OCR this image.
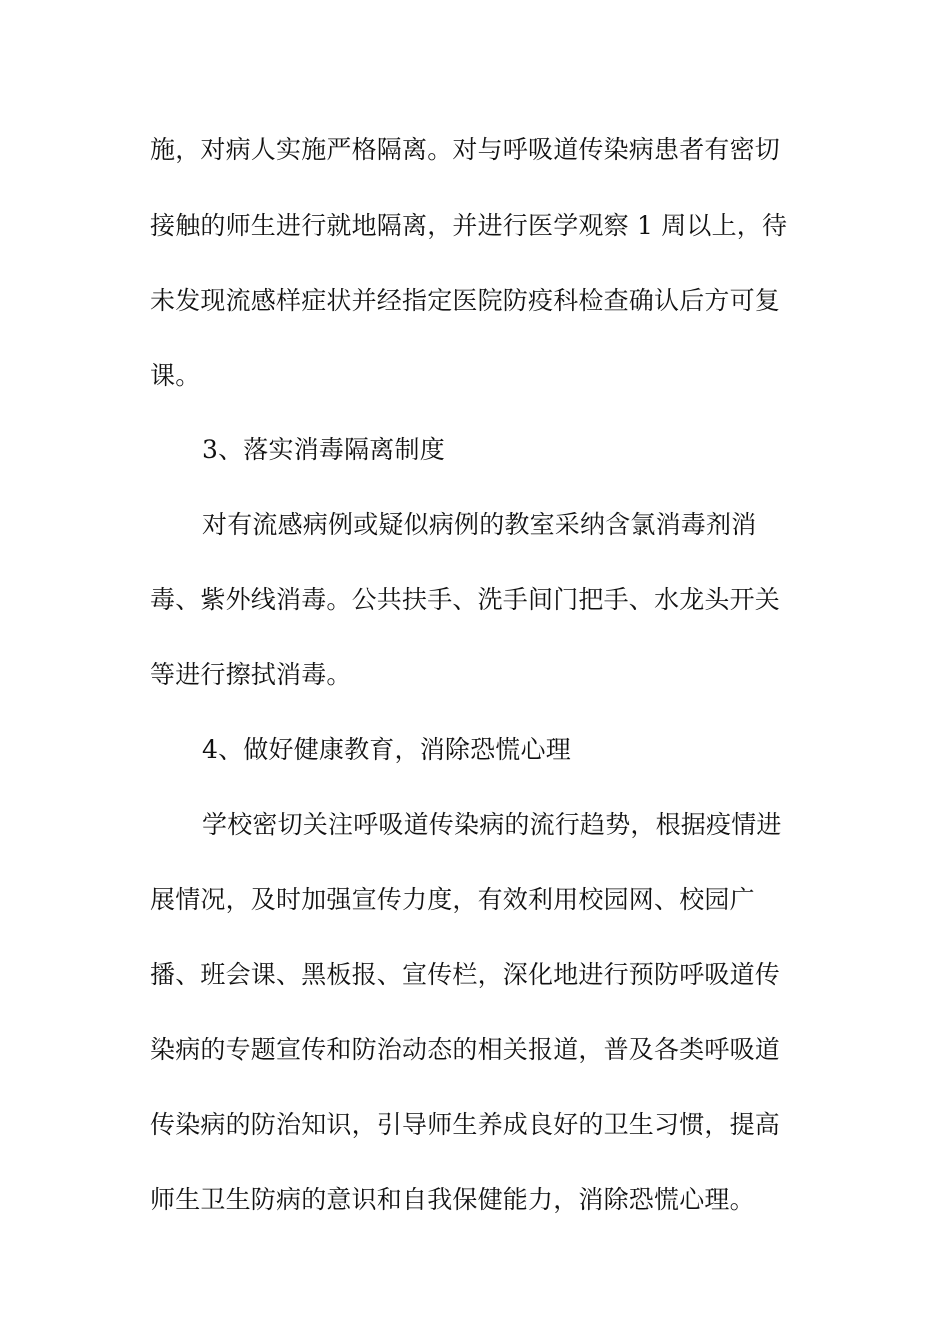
施，对病人实施严格隔离。对与呼吸道传染病患者有密切
接触的师生进行就地隔离，并进行医学观察 1 周以上，待
未发现流感样症状并经指定医院防疫科检查确认后方可复
课。
3、落实消毒隔离制度
对有流感病例或疑似病例的教室采纳含氯消毒剂消
毒、紫外线消毒。公共扶手、洗手间门把手、水龙头开关
等进行擦拭消毒。
4、做好健康教育，消除恐慌心理
学校密切关注呼吸道传染病的流行趋势，根据疫情进
展情况，及时加强宣传力度，有效利用校园网、校园广
播、班会课、黑板报、宣传栏，深化地进行预防呼吸道传
染病的专题宣传和防治动态的相关报道，普及各类呼吸道
传染病的防治知识，引导师生养成良好的卫生习惯，提高
师生卫生防病的意识和自我保健能力，消除恐慌心理。
